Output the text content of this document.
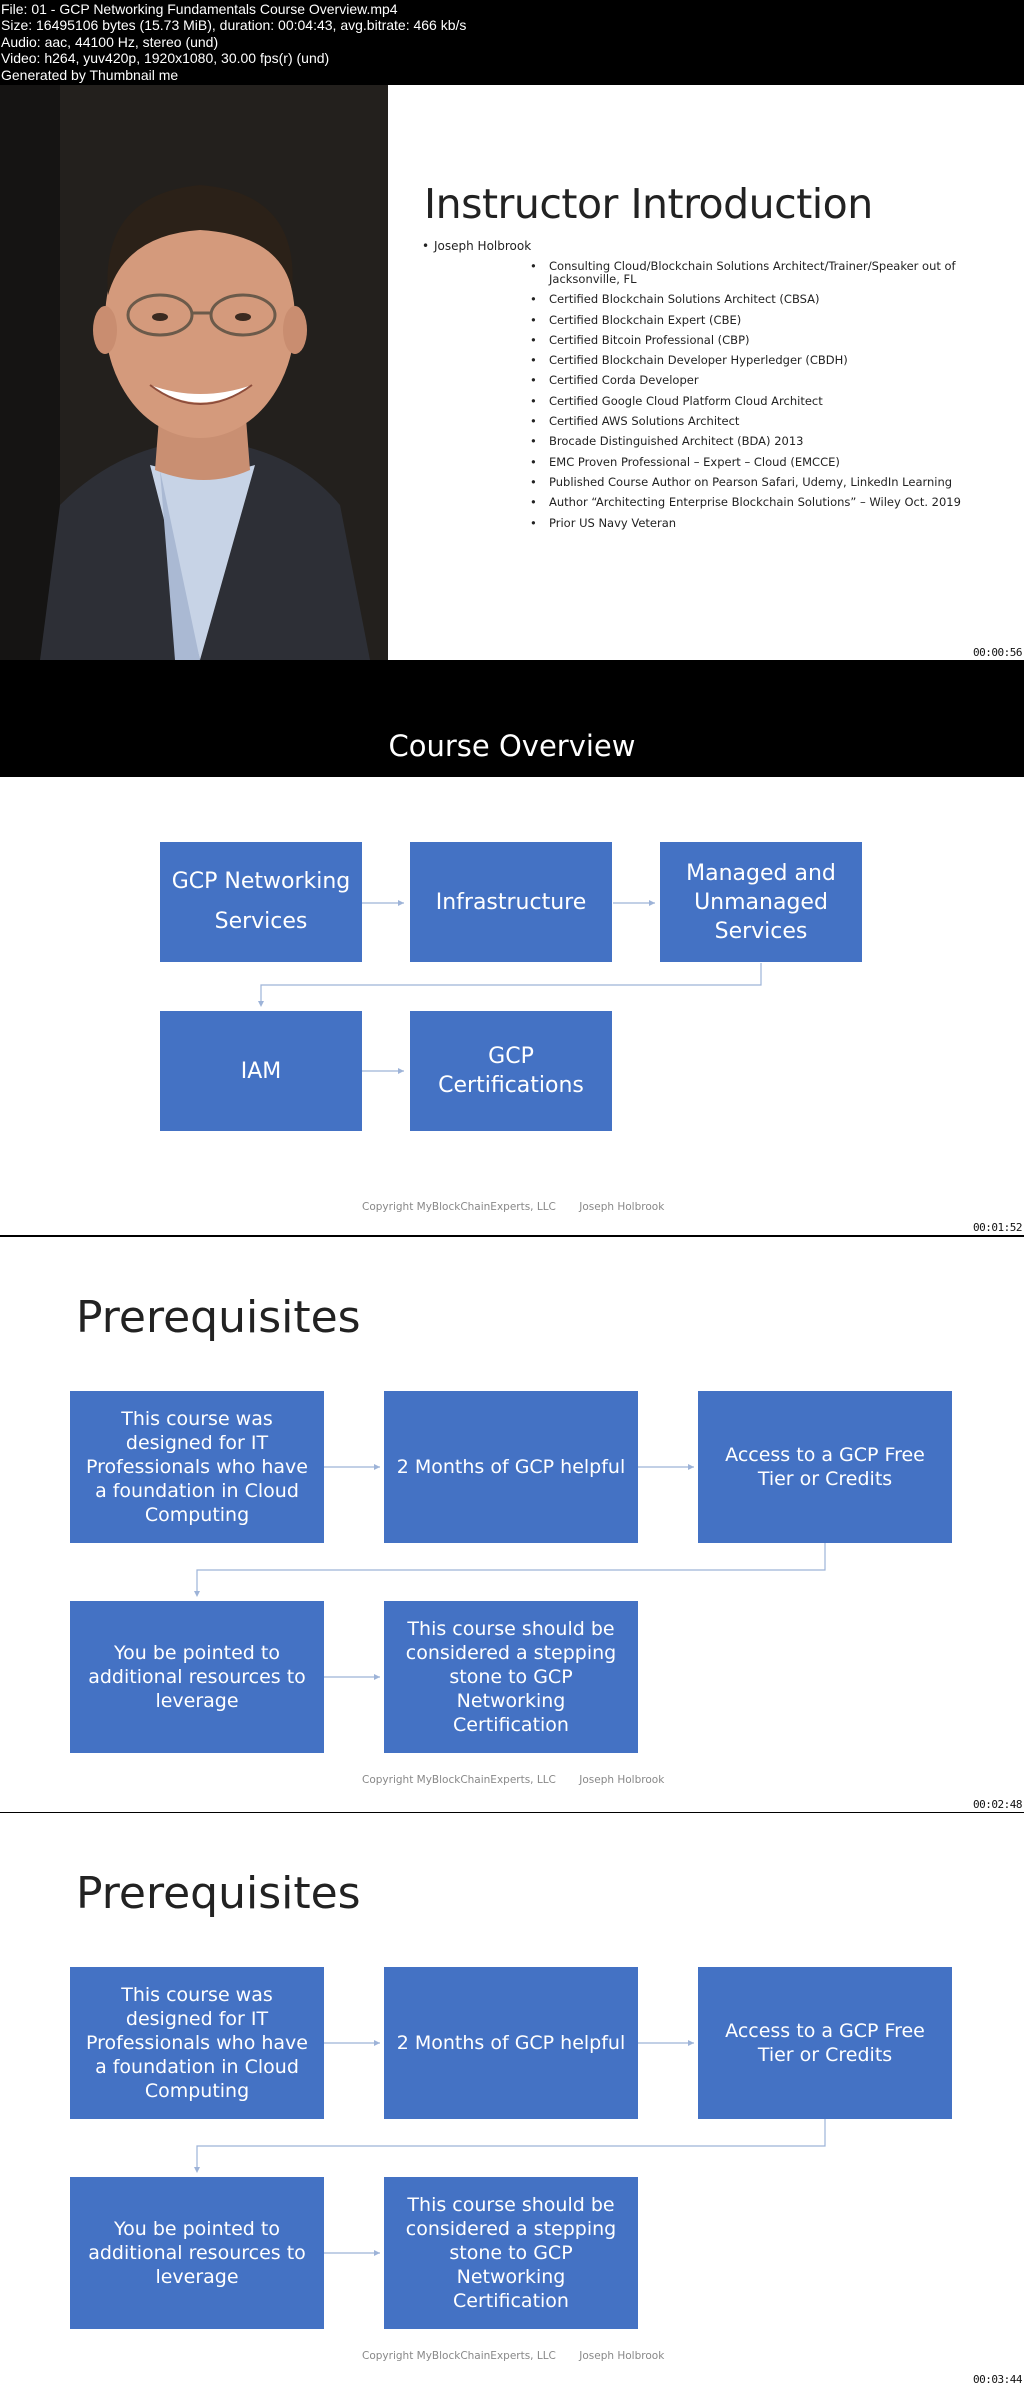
File: 01 - GCP Networking Fundamentals Course Overview.mp4
Size: 16495106 bytes (15.73 MiB), duration: 00:04:43, avg.bitrate: 466 kb/s
Audio: aac, 44100 Hz, stereo (und)
Video: h264, yuv420p, 1920x1080, 30.00 fps(r) (und)
Generated by Thumbnail me
Instructor Introduction
• Joseph Holbrook
• Consulting Cloud/Blockchain Solutions Architect/Trainer/Speaker out of Jacksonville, FL
• Certified Blockchain Solutions Architect (CBSA)
• Certified Blockchain Expert (CBE)
• Certified Bitcoin Professional (CBP)
• Certified Blockchain Developer Hyperledger (CBDH)
• Certified Corda Developer
• Certified Google Cloud Platform Cloud Architect
• Certified AWS Solutions Architect
• Brocade Distinguished Architect (BDA) 2013
• EMC Proven Professional – Expert – Cloud (EMCCE)
• Published Course Author on Pearson Safari, Udemy, LinkedIn Learning
• Author “Architecting Enterprise Blockchain Solutions” – Wiley Oct. 2019
• Prior US Navy Veteran
00:00:56
Course Overview
GCP Networking Services
Infrastructure
Managed and Unmanaged Services
IAM
GCP Certifications
Copyright MyBlockChainExperts, LLC Joseph Holbrook
00:01:52
Prerequisites
This course was designed for IT Professionals who have a foundation in Cloud Computing
2 Months of GCP helpful
Access to a GCP Free Tier or Credits
You be pointed to additional resources to leverage
This course should be considered a stepping stone to GCP Networking Certification
Copyright MyBlockChainExperts, LLC Joseph Holbrook
00:02:48
Prerequisites
This course was designed for IT Professionals who have a foundation in Cloud Computing
2 Months of GCP helpful
Access to a GCP Free Tier or Credits
You be pointed to additional resources to leverage
This course should be considered a stepping stone to GCP Networking Certification
Copyright MyBlockChainExperts, LLC Joseph Holbrook
00:03:44
